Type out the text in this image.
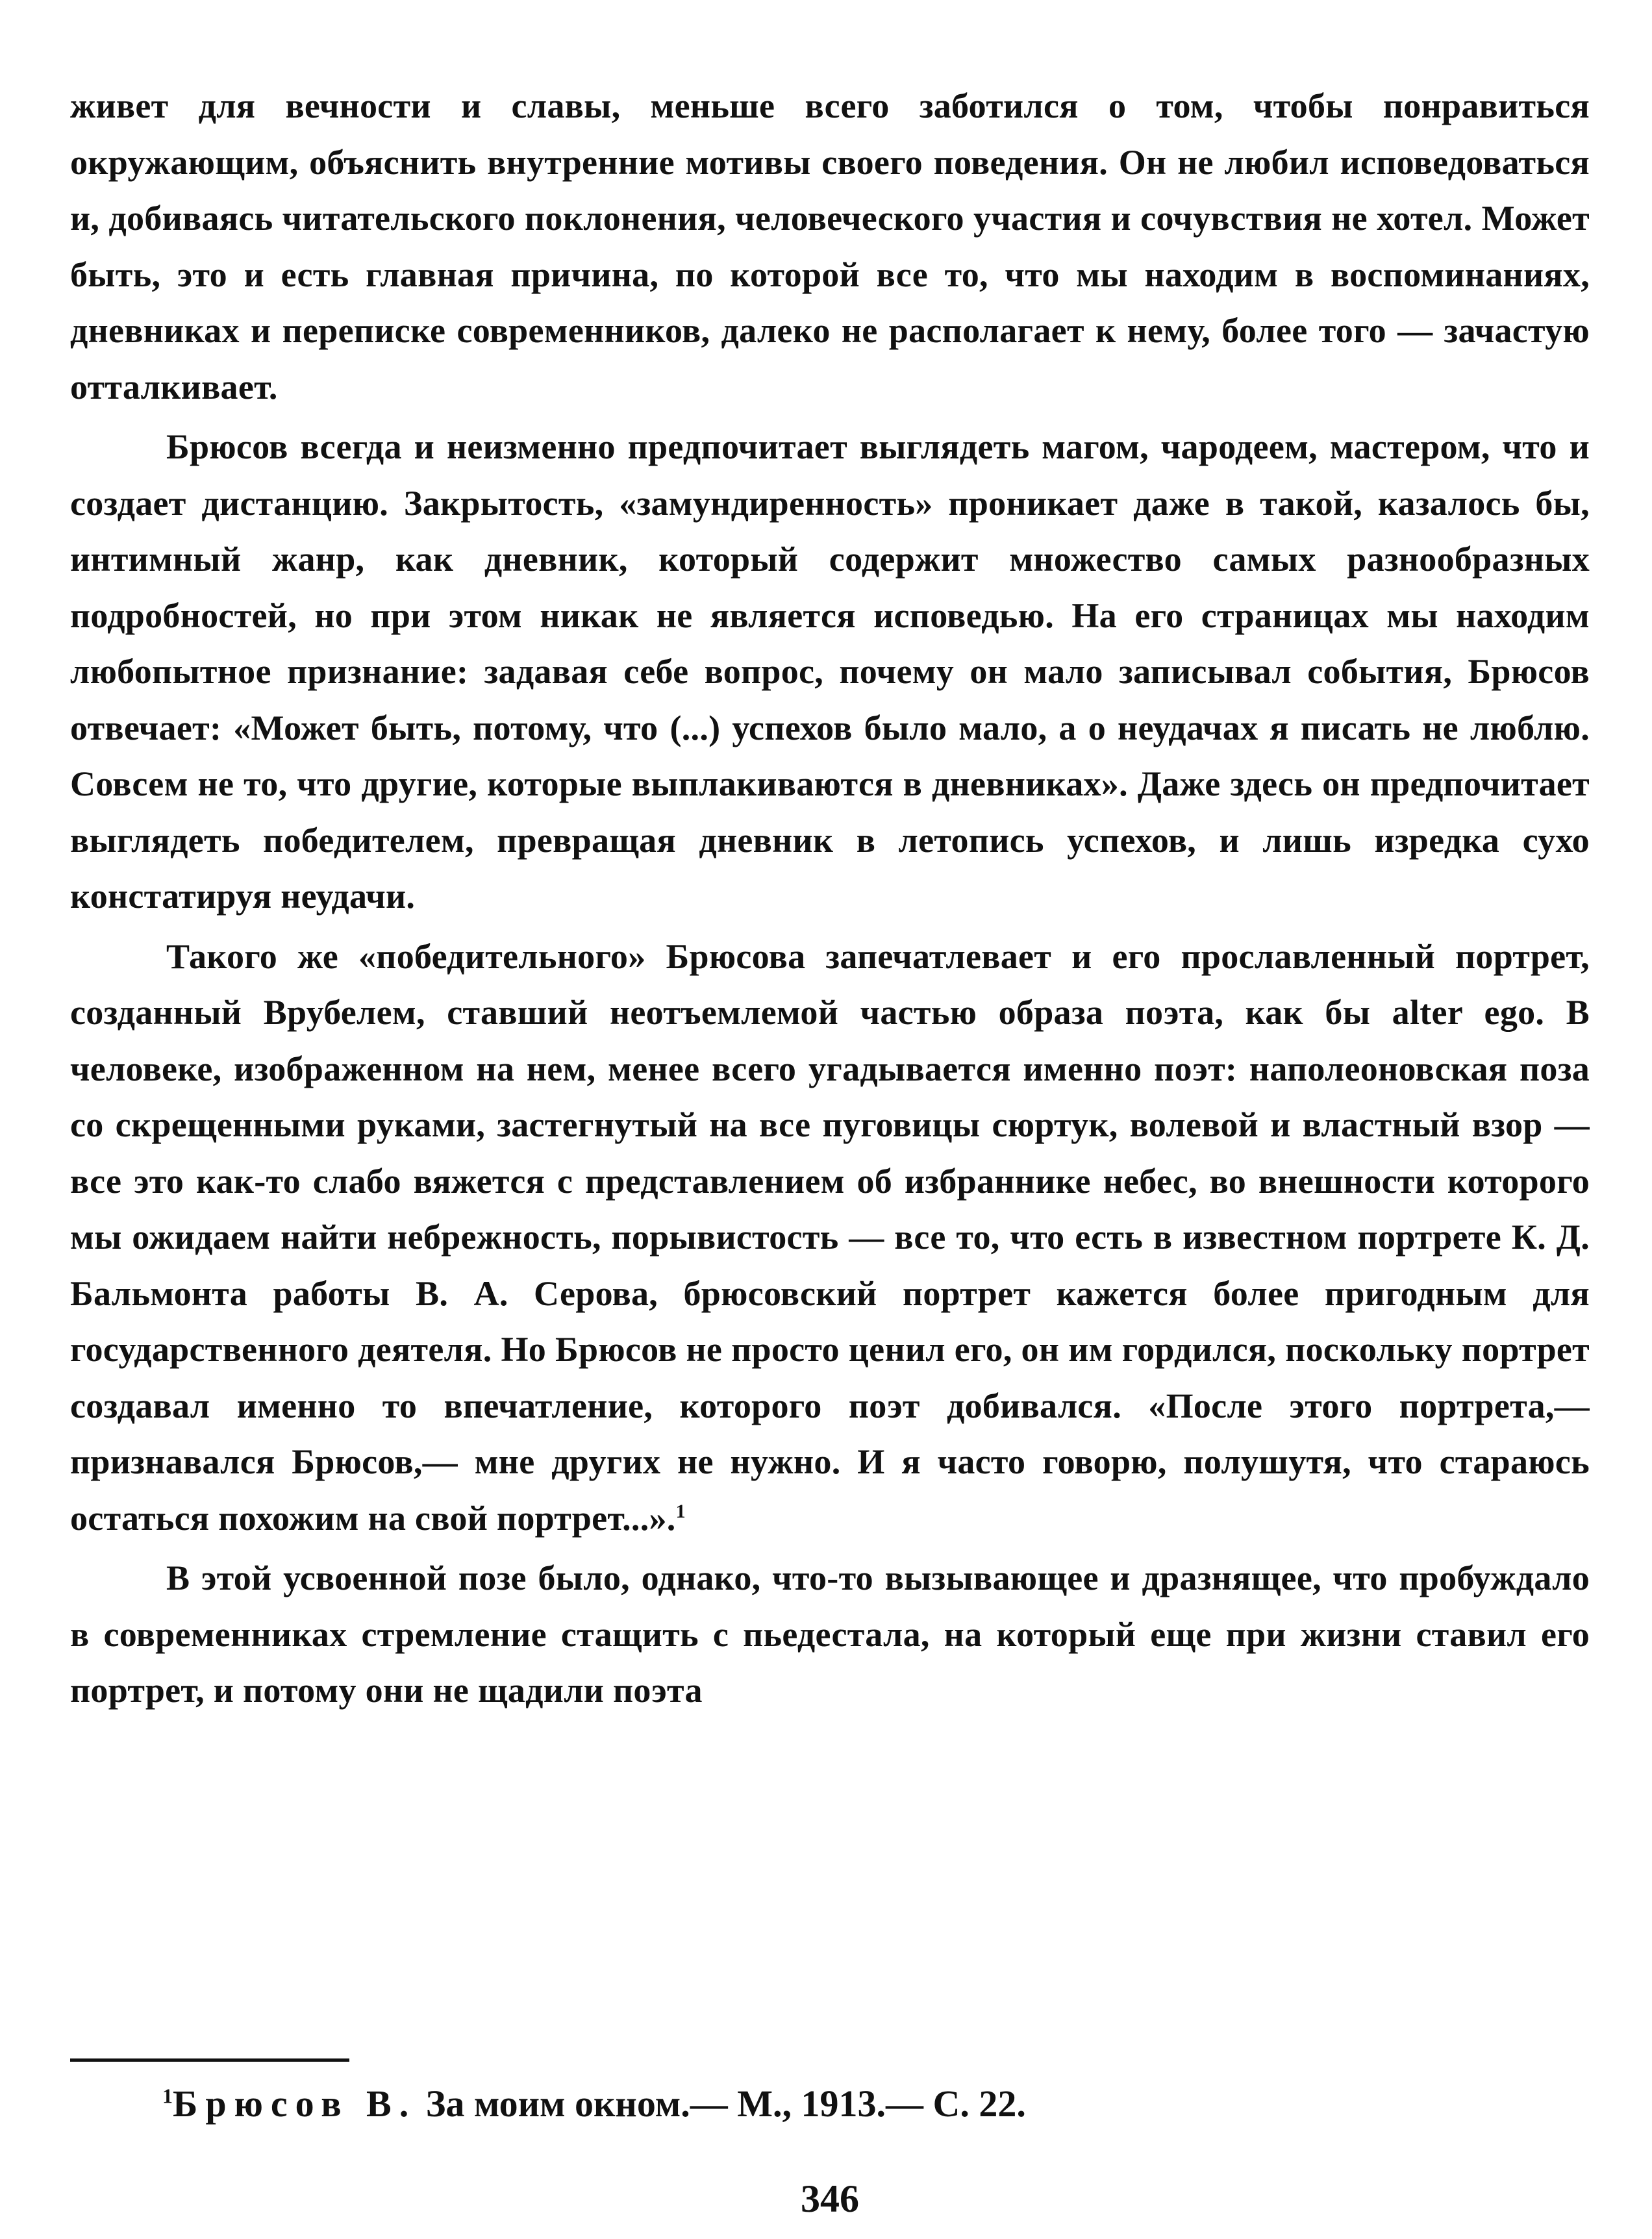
живет для вечности и славы, меньше всего заботился о том, чтобы понравиться окружающим, объяснить внутренние мотивы своего поведения. Он не любил исповедоваться и, добиваясь читательского поклонения, человеческого участия и сочувствия не хотел. Может быть, это и есть главная причина, по которой все то, что мы находим в воспоминаниях, дневниках и переписке современников, далеко не располагает к нему, более того — зачастую отталкивает.

Брюсов всегда и неизменно предпочитает выглядеть магом, чародеем, мастером, что и создает дистанцию. Закрытость, «замундиренность» проникает даже в такой, казалось бы, интимный жанр, как дневник, который содержит множество самых разнообразных подробностей, но при этом никак не является исповедью. На его страницах мы находим любопытное признание: задавая себе вопрос, почему он мало записывал события, Брюсов отвечает: «Может быть, потому, что (...) успехов было мало, а о неудачах я писать не люблю. Совсем не то, что другие, которые выплакиваются в дневниках». Даже здесь он предпочитает выглядеть победителем, превращая дневник в летопись успехов, и лишь изредка сухо констатируя неудачи.

Такого же «победительного» Брюсова запечатлевает и его прославленный портрет, созданный Врубелем, ставший неотъемлемой частью образа поэта, как бы alter ego. В человеке, изображенном на нем, менее всего угадывается именно поэт: наполеоновская поза со скрещенными руками, застегнутый на все пуговицы сюртук, волевой и властный взор — все это как-то слабо вяжется с представлением об избраннике небес, во внешности которого мы ожидаем найти небрежность, порывистость — все то, что есть в известном портрете К. Д. Бальмонта работы В. А. Серова, брюсовский портрет кажется более пригодным для государственного деятеля. Но Брюсов не просто ценил его, он им гордился, поскольку портрет создавал именно то впечатление, которого поэт добивался. «После этого портрета,— признавался Брюсов,— мне других не нужно. И я часто говорю, полушутя, что стараюсь остаться похожим на свой портрет...».$^1$

В этой усвоенной позе было, однако, что-то вызывающее и дразнящее, что пробуждало в современниках стремление стащить с пьедестала, на который еще при жизни ставил его портрет, и потому они не щадили поэта

$^1$Брюсов В. За моим окном.— М., 1913.— С. 22.
346
